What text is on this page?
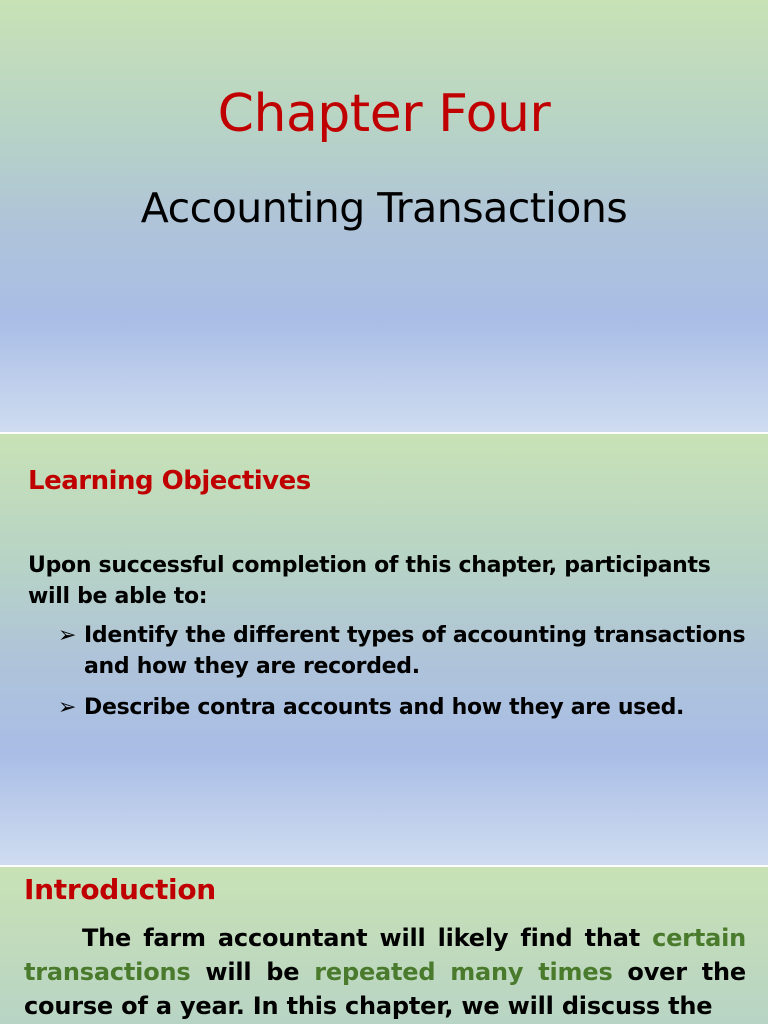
Chapter Four
Accounting Transactions
Learning Objectives
Upon successful completion of this chapter, participants will be able to:
➢ Identify the different types of accounting transactions and how they are recorded.
➢ Describe contra accounts and how they are used.
Introduction
The farm accountant will likely find that certain transactions will be repeated many times over the course of a year. In this chapter, we will discuss the
